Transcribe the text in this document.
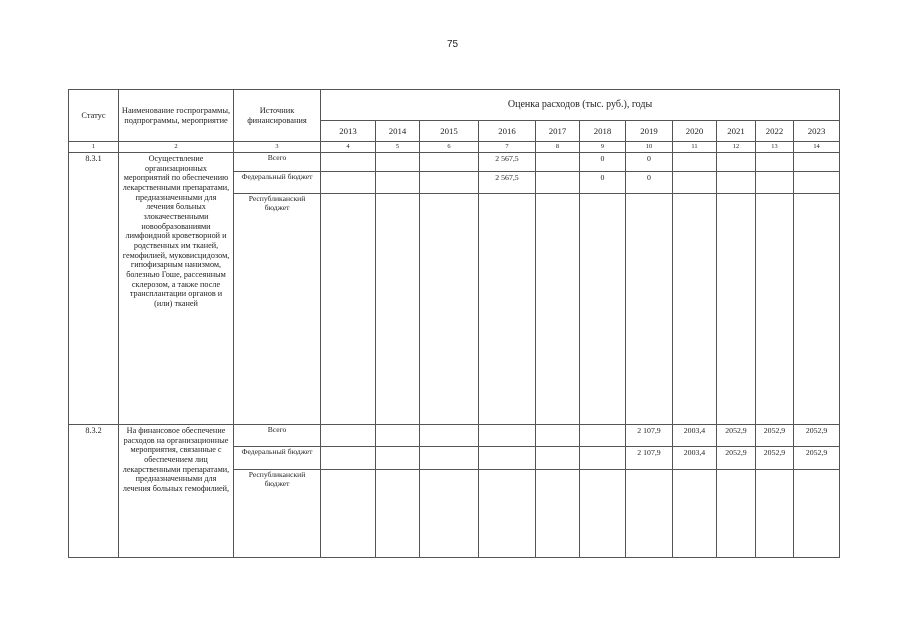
75
Статус	Наименование госпрограммы, подпрограммы, мероприятие	Источник финансирования	Оценка расходов (тыс. руб.), годы										
			2013	2014	2015	2016	2017	2018	2019	2020	2021	2022	2023
1	2	3	4	5	6	7	8	9	10	11	12	13	14
8.3.1	Осуществление организационных мероприятий по обеспечению лекарственными препаратами, предназначенными для лечения больных злокачественными новообразованиями лимфоидной кроветворной и родственных им тканей, гемофилией, муковисцидозом, гипофизарным нанизмом, болезнью Гоше, рассеянным склерозом, а также после трансплантации органов и (или) тканей	Всего				2 567,5		0	0				
		Федеральный бюджет				2 567,5		0	0				
		Республиканский бюджет											
8.3.2	На финансовое обеспечение расходов на организационные мероприятия, связанные с обеспечением лиц лекарственными препаратами, предназначенными для лечения больных гемофилией,	Всего							2 107,9	2003,4	2052,9	2052,9	2052,9
		Федеральный бюджет							2 107,9	2003,4	2052,9	2052,9	2052,9
		Республиканский бюджет											
